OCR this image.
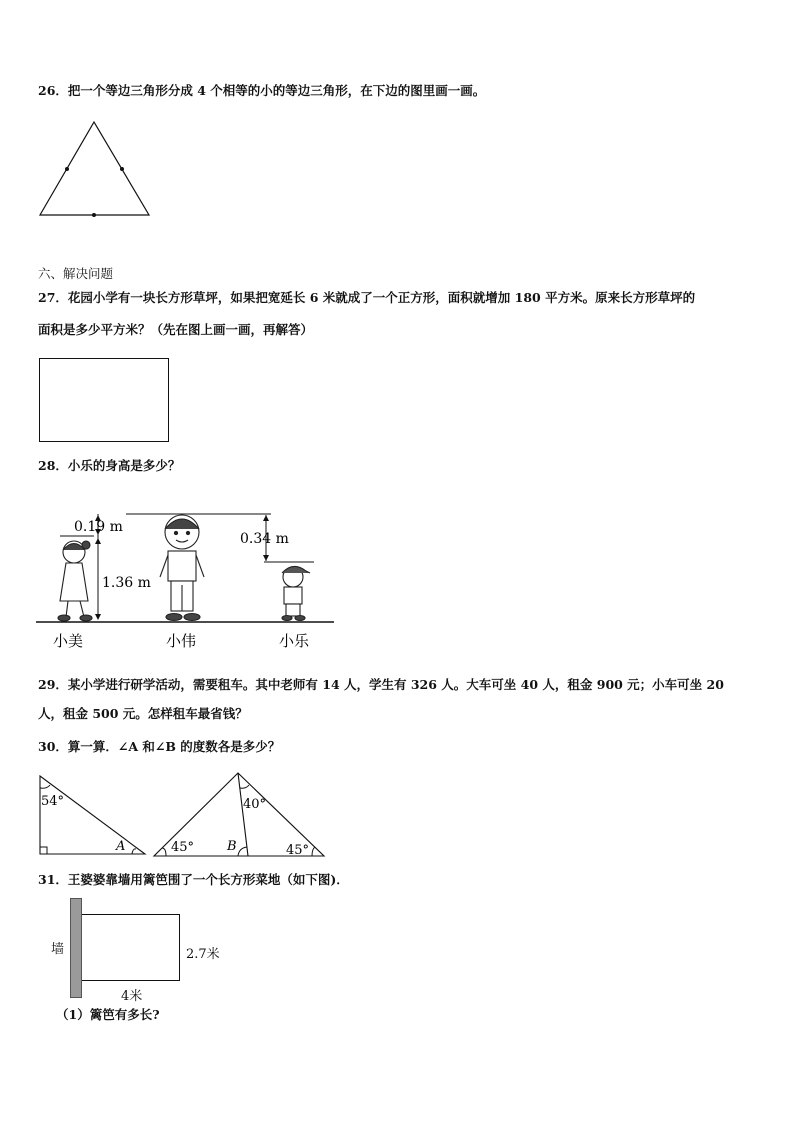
26．把一个等边三角形分成 4 个相等的小的等边三角形，在下边的图里画一画。
六、解决问题
27．花园小学有一块长方形草坪，如果把宽延长 6 米就成了一个正方形，面积就增加 180 平方米。原来长方形草坪的
面积是多少平方米？（先在图上画一画，再解答）
28．小乐的身高是多少？
0.19 m
1.36 m
0.34 m
小美	小伟	小乐
29．某小学进行研学活动，需要租车。其中老师有 14 人，学生有 326 人。大车可坐 40 人，租金 900 元；小车可坐 20
人，租金 500 元。怎样租车最省钱？
30．算一算．∠A 和∠B 的度数各是多少？
54°
A
40°
45°	B	45°
31．王婆婆靠墙用篱笆围了一个长方形菜地（如下图)．
墙	2.7米
4米
（1）篱笆有多长?
